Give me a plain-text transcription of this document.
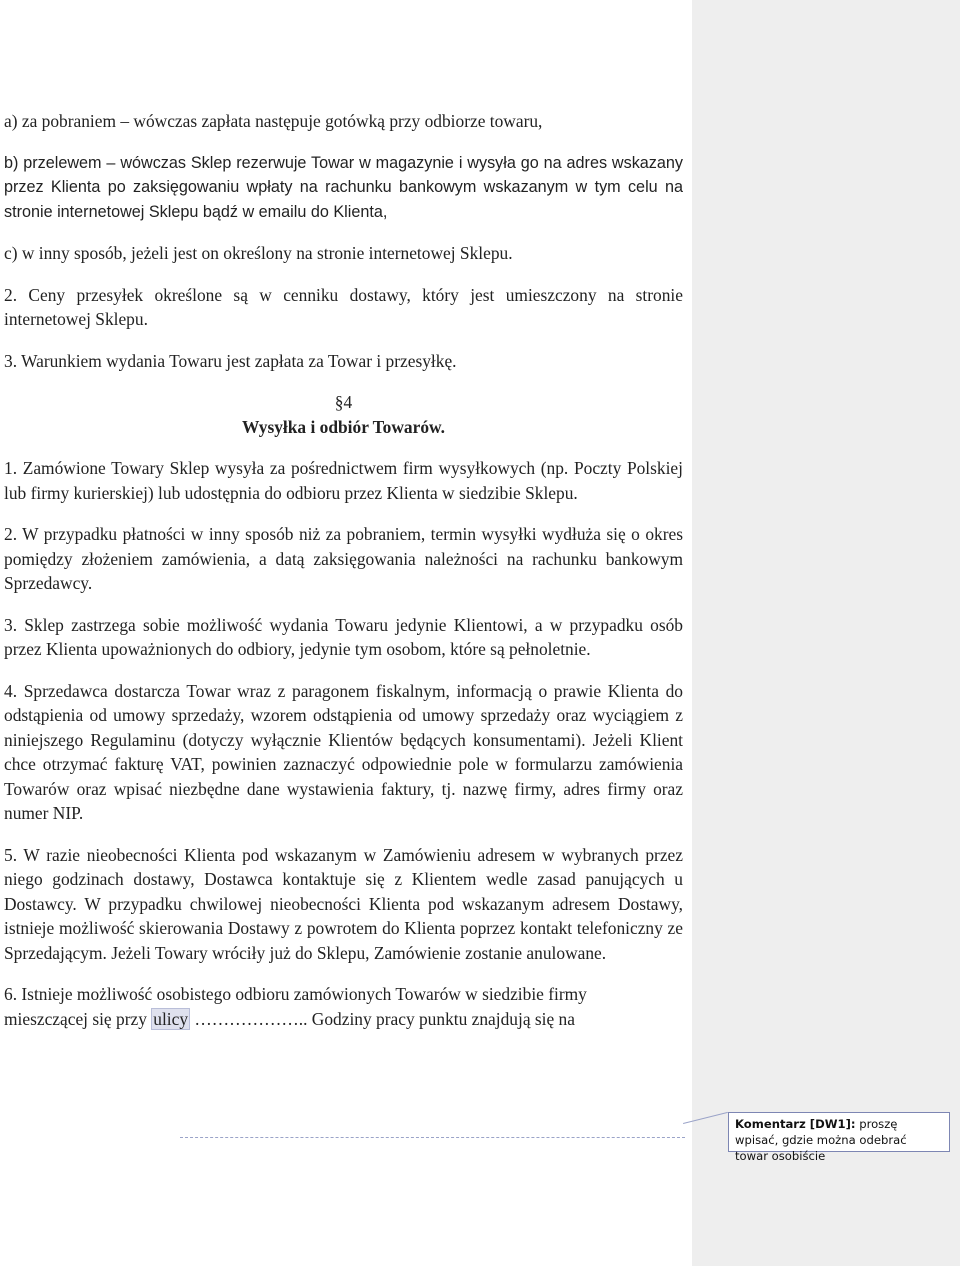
a) za pobraniem – wówczas zapłata następuje gotówką przy odbiorze towaru,

b) przelewem – wówczas Sklep rezerwuje Towar w magazynie i wysyła go na adres wskazany przez Klienta po zaksięgowaniu wpłaty na rachunku bankowym wskazanym w tym celu na stronie internetowej Sklepu bądź w emailu do Klienta,

c) w inny sposób, jeżeli jest on określony na stronie internetowej Sklepu.

2. Ceny przesyłek określone są w cenniku dostawy, który jest umieszczony na stronie internetowej Sklepu.

3. Warunkiem wydania Towaru jest zapłata za Towar i przesyłkę.

§4
Wysyłka i odbiór Towarów.

1. Zamówione Towary Sklep wysyła za pośrednictwem firm wysyłkowych (np. Poczty Polskiej lub firmy kurierskiej) lub udostępnia do odbioru przez Klienta w siedzibie Sklepu.

2. W przypadku płatności w inny sposób niż za pobraniem, termin wysyłki wydłuża się o okres pomiędzy złożeniem zamówienia, a datą zaksięgowania należności na rachunku bankowym Sprzedawcy.

3. Sklep zastrzega sobie możliwość wydania Towaru jedynie Klientowi, a w przypadku osób przez Klienta upoważnionych do odbiory, jedynie tym osobom, które są pełnoletnie.

4. Sprzedawca dostarcza Towar wraz z paragonem fiskalnym, informacją o prawie Klienta do odstąpienia od umowy sprzedaży, wzorem odstąpienia od umowy sprzedaży oraz wyciągiem z niniejszego Regulaminu (dotyczy wyłącznie Klientów będących konsumentami). Jeżeli Klient chce otrzymać fakturę VAT, powinien zaznaczyć odpowiednie pole w formularzu zamówienia Towarów oraz wpisać niezbędne dane wystawienia faktury, tj. nazwę firmy, adres firmy oraz numer NIP.

5. W razie nieobecności Klienta pod wskazanym w Zamówieniu adresem w wybranych przez niego godzinach dostawy, Dostawca kontaktuje się z Klientem wedle zasad panujących u Dostawcy. W przypadku chwilowej nieobecności Klienta pod wskazanym adresem Dostawy, istnieje możliwość skierowania Dostawy z powrotem do Klienta poprzez kontakt telefoniczny ze Sprzedającym. Jeżeli Towary wróciły już do Sklepu, Zamówienie zostanie anulowane.

6. Istnieje możliwość osobistego odbioru zamówionych Towarów w siedzibie firmy
mieszczącej się przy ulicy ……………….. Godziny pracy punktu znajdują się na

Komentarz [DW1]: proszę wpisać, gdzie można odebrać towar osobiście
